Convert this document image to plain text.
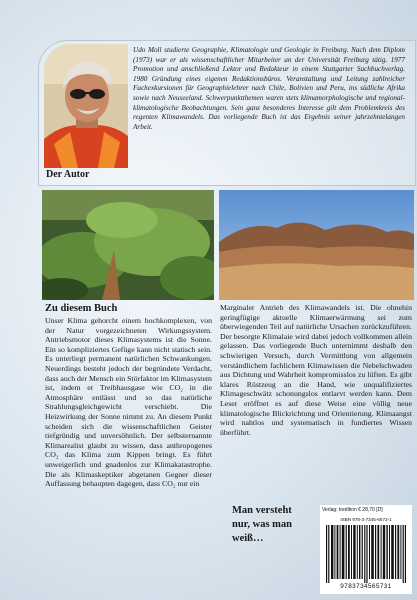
Der Autor

Udo Moll studierte Geographie, Klimatologie und Geologie in Freiburg. Nach dem Diplom (1973) war er als wissenschaftlicher Mitarbeiter an der Universität Freiburg tätig. 1977 Promotion und anschließend Lektor und Redakteur in einem Stuttgarter Sachbuchverlag. 1980 Gründung eines eigenen Redaktionsbüros. Veranstaltung und Leitung zahlreicher Fachexkursionen für Geographielehrer nach Chile, Bolivien und Peru, ins südliche Afrika sowie nach Neuseeland. Schwerpunktthemen waren stets klimamorphologische und regional-klimatologische Beobachtungen. Sein ganz besonderes Interesse gilt dem Problemkreis des regenten Klimawandels. Das vorliegende Buch ist das Ergebnis seiner jahrzehntelangen Arbeit.

Zu diesem Buch

Unser Klima gehorcht einem hochkomplexen, von der Natur vorgezeichneten Wirkungssystem. Antriebsmotor dieses Klimasystems ist die Sonne. Ein so kompliziertes Gefüge kann nicht statisch sein. Es unterliegt permanent natürlichen Schwankungen. Neuerdings besteht jedoch der begründete Verdacht, dass auch der Mensch ein Störfaktor im Klimasystem ist, indem er Treibhausgase wie CO₂ in die Atmosphäre entlässt und so das natürliche Strahlungsgleichgewicht verschiebt. Die Heizwirkung der Sonne nimmt zu. An diesem Punkt scheiden sich die wissenschaftlichen Geister tiefgründig und unversöhnlich. Der selbsternannte Klimarealist glaubt zu wissen, dass anthropogenes CO₂ das Klima zum Kippen bringt. Es führt unweigerlich und gnadenlos zur Klimakatastrophe. Die als Klimaskeptiker abgetanen Gegner dieser Auffassung behaupten dagegen, dass CO₂ nur ein

Marginaler Antrieb des Klimawandels ist. Die ohnehin geringfügige aktuelle Klimaerwärmung sei zum überwiegenden Teil auf natürliche Ursachen zurückzuführen. Der besorgte Klimalaie wird dabei jedoch vollkommen allein gelassen. Das vorliegende Buch unternimmt deshalb den schwierigen Versuch, durch Vermittlung von allgemein verständlichem fachlichem Klimawissen die Nebelschwaden aus Dichtung und Wahrheit kompromisslos zu lüften. Es gibt klares Rüstzeug an die Hand, wie unqualifiziertes Klimageschwätz schonungslos entlarvt werden kann. Dem Leser eröffnet es auf diese Weise eine völlig neue klimatologische Blickrichtung und Orientierung. Klimaangst wird nahtlos und systematisch in fundiertes Wissen überführt.

Man versteht nur, was man weiß…

Verlag: tredition € 28,70 [D]
ISBN 978-3-7345-6573-1
9783734565731
